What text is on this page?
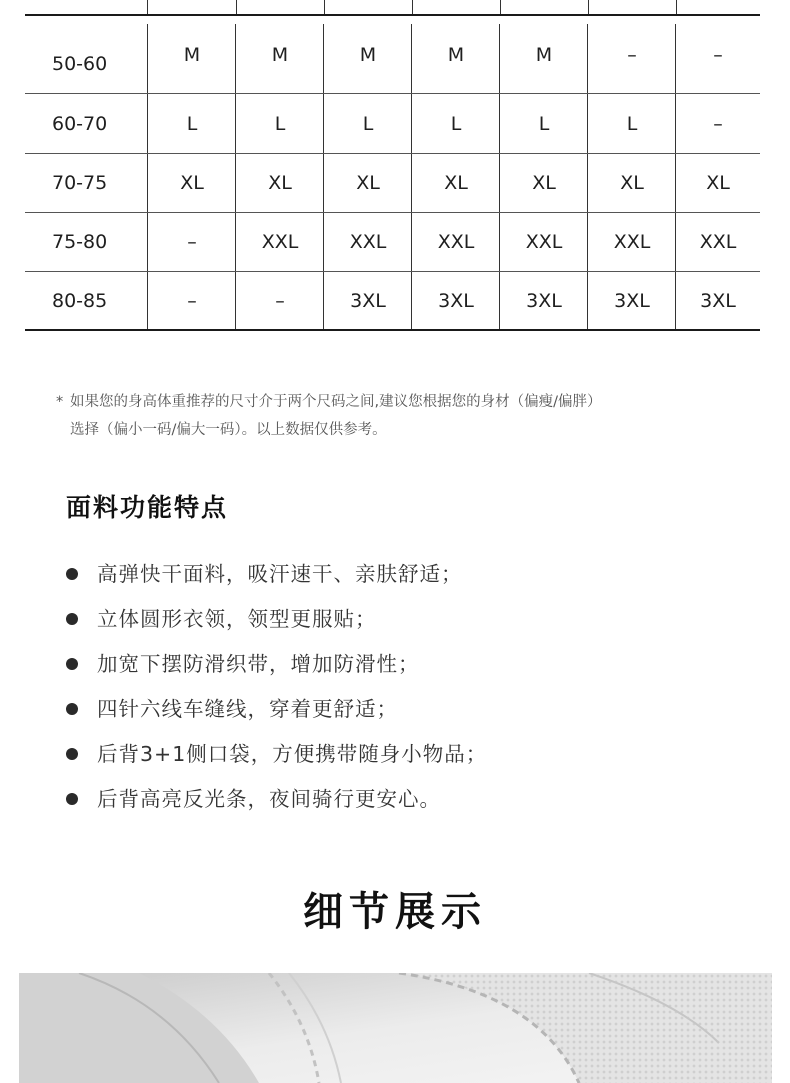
50-60	M	M	M	M	M	–	–
60-70	L	L	L	L	L	L	–
70-75	XL	XL	XL	XL	XL	XL	XL
75-80	–	XXL	XXL	XXL	XXL	XXL	XXL
80-85	–	–	3XL	3XL	3XL	3XL	3XL
* 如果您的身高体重推荐的尺寸介于两个尺码之间,建议您根据您的身材（偏瘦/偏胖）
选择（偏小一码/偏大一码）。以上数据仅供参考。
面料功能特点
高弹快干面料，吸汗速干、亲肤舒适；
立体圆形衣领，领型更服贴；
加宽下摆防滑织带，增加防滑性；
四针六线车缝线，穿着更舒适；
后背3+1侧口袋，方便携带随身小物品；
后背高亮反光条，夜间骑行更安心。
细节展示
